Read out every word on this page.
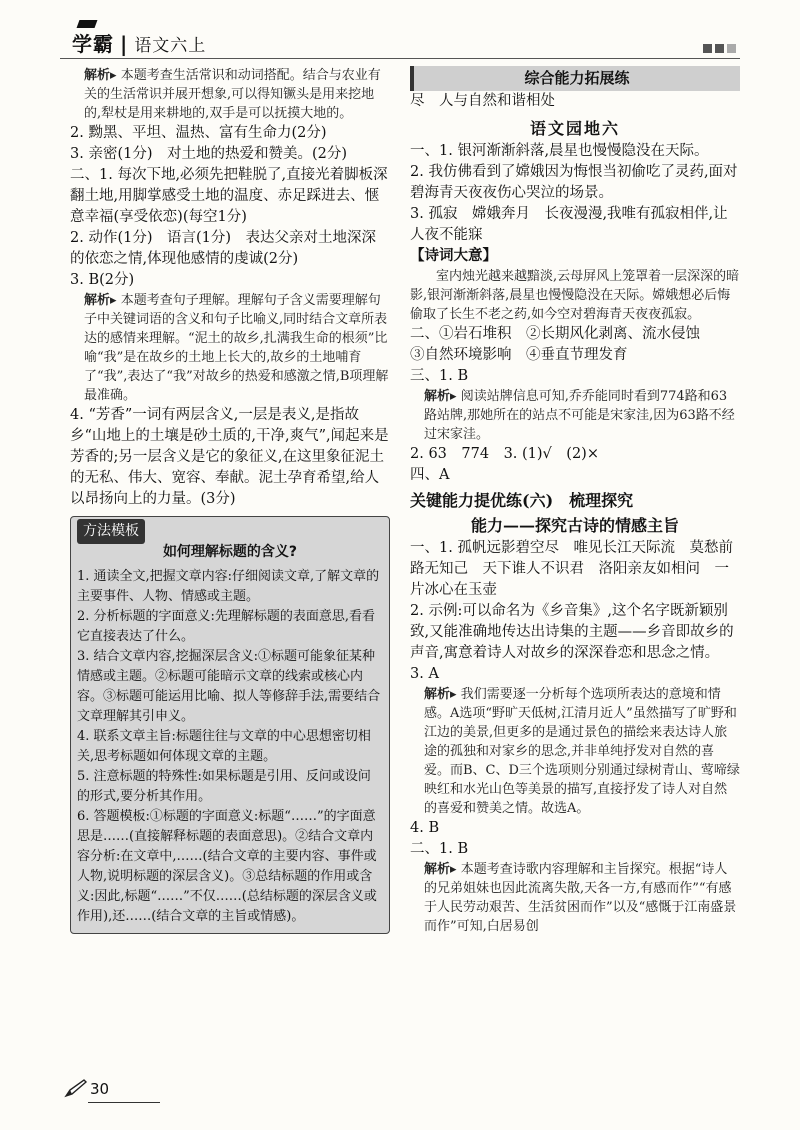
学霸 | 语文六上

解析▸ 本题考查生活常识和动词搭配。结合与农业有关的生活常识并展开想象,可以得知镢头是用来挖地的,犁杖是用来耕地的,双手是可以抚摸大地的。

2. 黝黑、平坦、温热、富有生命力(2分)

3. 亲密(1分)　对土地的热爱和赞美。(2分)

二、1. 每次下地,必须先把鞋脱了,直接光着脚板深翻土地,用脚掌感受土地的温度、赤足踩进去、惬意幸福(享受依恋)(每空1分)

2. 动作(1分)　语言(1分)　表达父亲对土地深深的依恋之情,体现他感情的虔诚(2分)

3. B(2分)

解析▸ 本题考查句子理解。理解句子含义需要理解句子中关键词语的含义和句子比喻义,同时结合文章所表达的感情来理解。“泥土的故乡,扎满我生命的根须”比喻“我”是在故乡的土地上长大的,故乡的土地哺育了“我”,表达了“我”对故乡的热爱和感激之情,B项理解最准确。

4. “芳香”一词有两层含义,一层是表义,是指故乡“山地上的土壤是砂土质的,干净,爽气”,闻起来是芳香的;另一层含义是它的象征义,在这里象征泥土的无私、伟大、宽容、奉献。泥土孕育希望,给人以昂扬向上的力量。(3分)

方法模板
如何理解标题的含义?

1. 通读全文,把握文章内容:仔细阅读文章,了解文章的主要事件、人物、情感或主题。

2. 分析标题的字面意义:先理解标题的表面意思,看看它直接表达了什么。

3. 结合文章内容,挖掘深层含义:①标题可能象征某种情感或主题。②标题可能暗示文章的线索或核心内容。③标题可能运用比喻、拟人等修辞手法,需要结合文章理解其引申义。

4. 联系文章主旨:标题往往与文章的中心思想密切相关,思考标题如何体现文章的主题。

5. 注意标题的特殊性:如果标题是引用、反问或设问的形式,要分析其作用。

6. 答题模板:①标题的字面意义:标题“……”的字面意思是……(直接解释标题的表面意思)。②结合文章内容分析:在文章中,……(结合文章的主要内容、事件或人物,说明标题的深层含义)。③总结标题的作用或含义:因此,标题“……”不仅……(总结标题的深层含义或作用),还……(结合文章的主旨或情感)。

综合能力拓展练

尽　人与自然和谐相处

语文园地六

一、1. 银河渐渐斜落,晨星也慢慢隐没在天际。

2. 我仿佛看到了嫦娥因为悔恨当初偷吃了灵药,面对碧海青天夜夜伤心哭泣的场景。

3. 孤寂　嫦娥奔月　长夜漫漫,我唯有孤寂相伴,让人夜不能寐

【诗词大意】

室内烛光越来越黯淡,云母屏风上笼罩着一层深深的暗影,银河渐渐斜落,晨星也慢慢隐没在天际。嫦娥想必后悔偷取了长生不老之药,如今空对碧海青天夜夜孤寂。

二、①岩石堆积　②长期风化剥离、流水侵蚀

③自然环境影响　④垂直节理发育

三、1. B

解析▸ 阅读站牌信息可知,乔乔能同时看到774路和63路站牌,那她所在的站点不可能是宋家洼,因为63路不经过宋家洼。

2. 63　774　3. (1)√　(2)×

四、A

关键能力提优练(六)　梳理探究
能力——探究古诗的情感主旨

一、1. 孤帆远影碧空尽　唯见长江天际流　莫愁前路无知己　天下谁人不识君　洛阳亲友如相问　一片冰心在玉壶

2. 示例:可以命名为《乡音集》,这个名字既新颖别致,又能准确地传达出诗集的主题——乡音即故乡的声音,寓意着诗人对故乡的深深眷恋和思念之情。

3. A

解析▸ 我们需要逐一分析每个选项所表达的意境和情感。A选项“野旷天低树,江清月近人”虽然描写了旷野和江边的美景,但更多的是通过景色的描绘来表达诗人旅途的孤独和对家乡的思念,并非单纯抒发对自然的喜爱。而B、C、D三个选项则分别通过绿树青山、莺啼绿映红和水光山色等美景的描写,直接抒发了诗人对自然的喜爱和赞美之情。故选A。

4. B

二、1. B

解析▸ 本题考查诗歌内容理解和主旨探究。根据“诗人的兄弟姐妹也因此流离失散,天各一方,有感而作”“有感于人民劳动艰苦、生活贫困而作”以及“感慨于江南盛景而作”可知,白居易创

30
